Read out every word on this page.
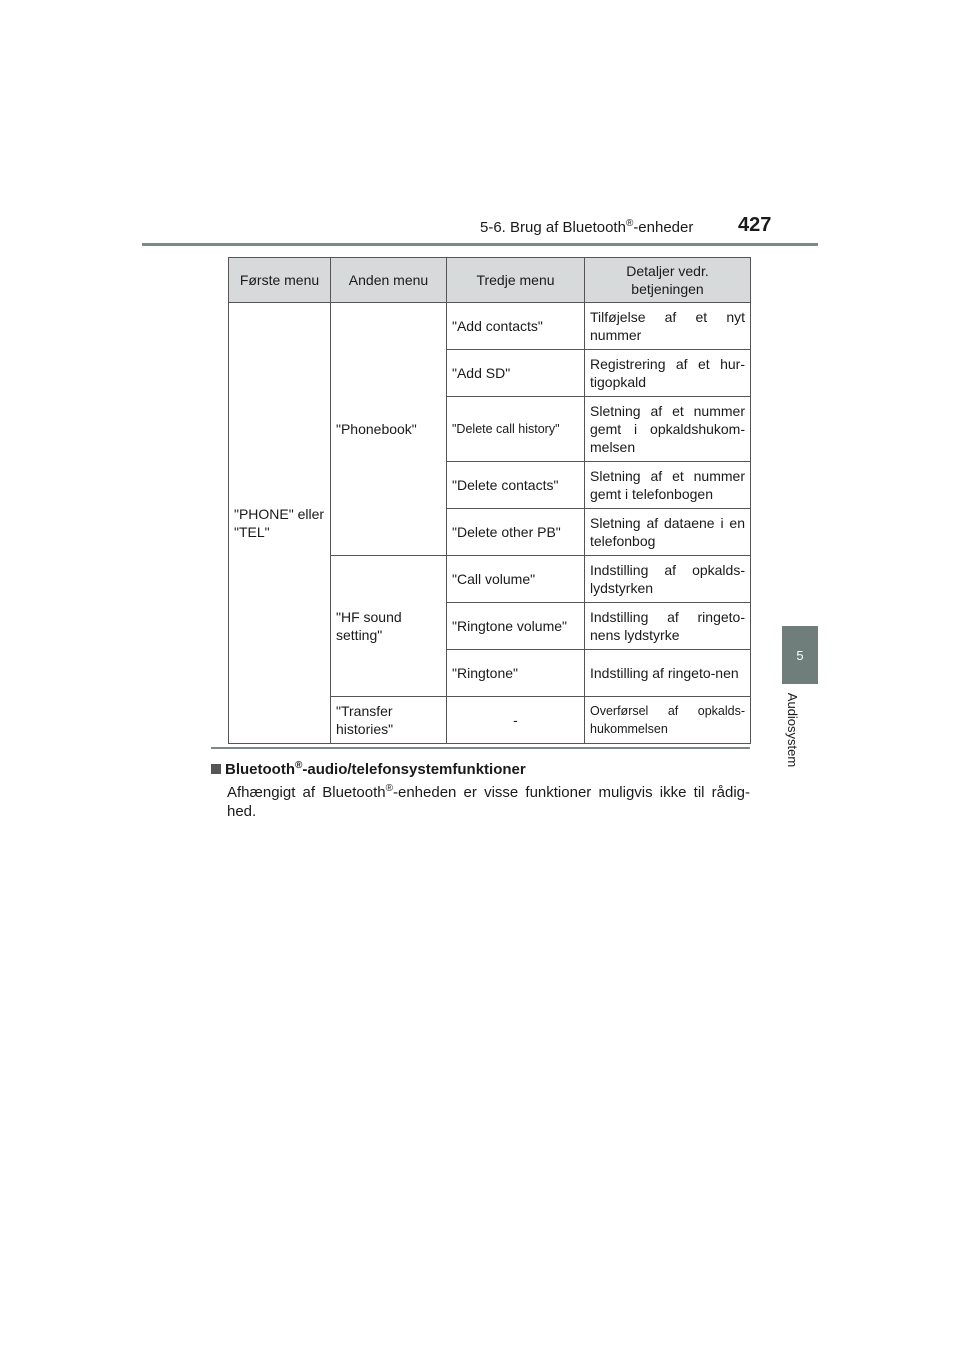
5-6. Brug af Bluetooth®-enheder	427
5
Audiosystem
Første menu	Anden menu	Tredje menu	Detaljer vedr. betjeningen
"PHONE" eller "TEL"	"Phonebook"	"Add contacts"	Tilføjelse af et nyt nummer
		"Add SD"	Registrering af et hur-tigopkald
		"Delete call history"	Sletning af et nummer gemt i opkaldshukom-melsen
		"Delete contacts"	Sletning af et nummer gemt i telefonbogen
		"Delete other PB"	Sletning af dataene i en telefonbog
	"HF sound setting"	"Call volume"	Indstilling af opkalds-lydstyrken
		"Ringtone volume"	Indstilling af ringeto-nens lydstyrke
		"Ringtone"	Indstilling af ringeto-nen
	"Transfer histories"	-	Overførsel af opkalds-hukommelsen
Bluetooth®-audio/telefonsystemfunktioner
Afhængigt af Bluetooth®-enheden er visse funktioner muligvis ikke til rådig-hed.
